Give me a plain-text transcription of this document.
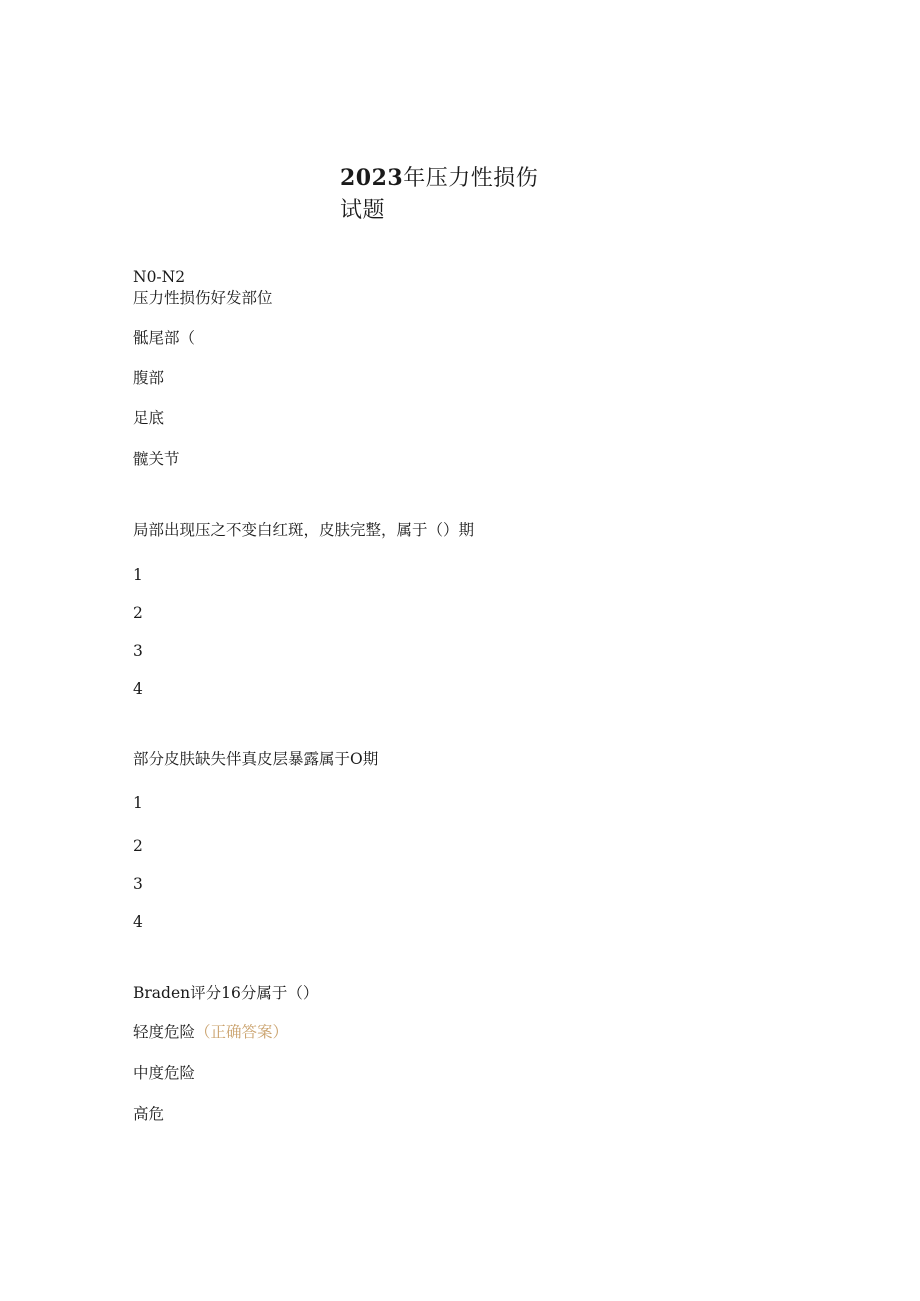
2023年压力性损伤
试题
N0-N2
压力性损伤好发部位
骶尾部（
腹部
足底
髋关节
局部出现压之不变白红斑，皮肤完整，属于（）期
1
2
3
4
部分皮肤缺失伴真皮层暴露属于O期
1
2
3
4
Braden评分16分属于（）
轻度危险（正确答案）
中度危险
高危
